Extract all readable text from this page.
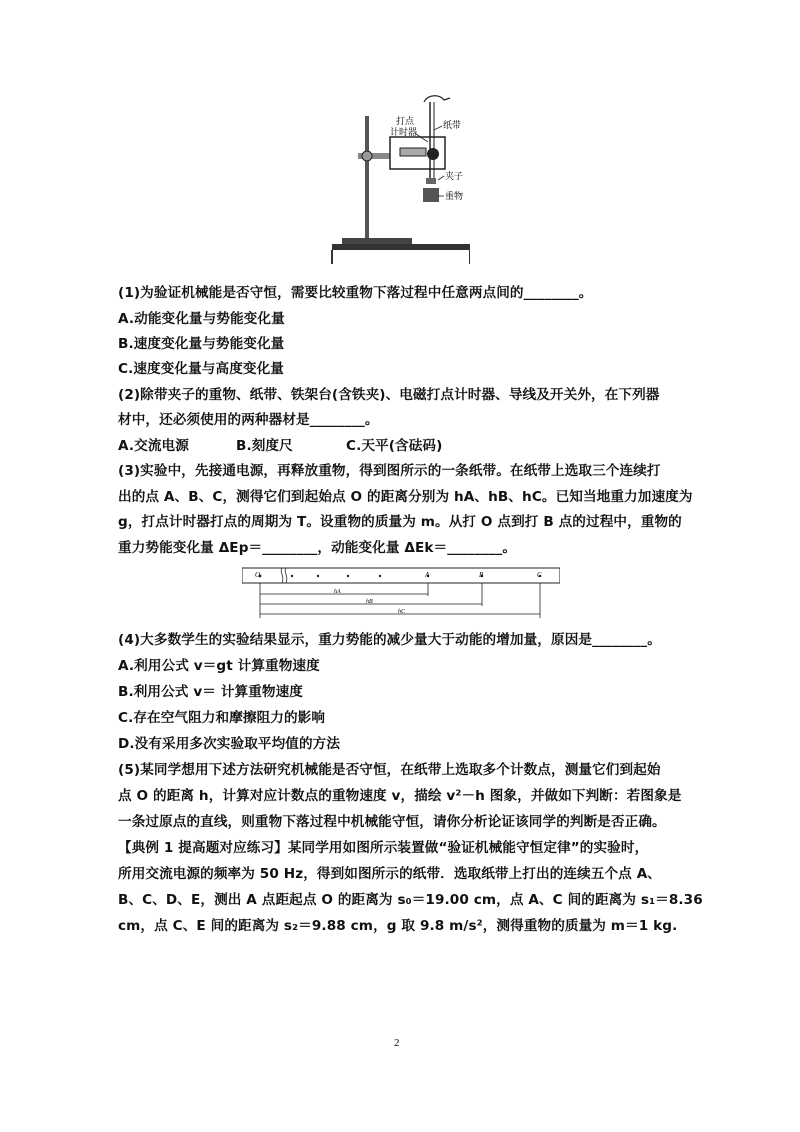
打点
计时器
纸带
夹子
重物
(1)为验证机械能是否守恒，需要比较重物下落过程中任意两点间的________。
A.动能变化量与势能变化量
B.速度变化量与势能变化量
C.速度变化量与高度变化量
(2)除带夹子的重物、纸带、铁架台(含铁夹)、电磁打点计时器、导线及开关外，在下列器
材中，还必须使用的两种器材是________。
A.交流电源	B.刻度尺	C.天平(含砝码)
(3)实验中，先接通电源，再释放重物，得到图所示的一条纸带。在纸带上选取三个连续打
出的点 A、B、C，测得它们到起始点 O 的距离分别为 hA、hB、hC。已知当地重力加速度为
g，打点计时器打点的周期为 T。设重物的质量为 m。从打 O 点到打 B 点的过程中，重物的
重力势能变化量 ΔEp＝________，动能变化量 ΔEk＝________。
O	A	B	C
hA
hB
hC
(4)大多数学生的实验结果显示，重力势能的减少量大于动能的增加量，原因是________。
A.利用公式 v＝gt 计算重物速度
B.利用公式 v＝ 计算重物速度
C.存在空气阻力和摩擦阻力的影响
D.没有采用多次实验取平均值的方法
(5)某同学想用下述方法研究机械能是否守恒，在纸带上选取多个计数点，测量它们到起始
点 O 的距离 h，计算对应计数点的重物速度 v，描绘 v²－h 图象，并做如下判断：若图象是
一条过原点的直线，则重物下落过程中机械能守恒，请你分析论证该同学的判断是否正确。
【典例 1 提高题对应练习】某同学用如图所示装置做“验证机械能守恒定律”的实验时，
所用交流电源的频率为 50 Hz，得到如图所示的纸带．选取纸带上打出的连续五个点 A、
B、C、D、E，测出 A 点距起点 O 的距离为 s₀＝19.00 cm，点 A、C 间的距离为 s₁＝8.36
cm，点 C、E 间的距离为 s₂＝9.88 cm，g 取 9.8 m/s²，测得重物的质量为 m＝1 kg.
2
